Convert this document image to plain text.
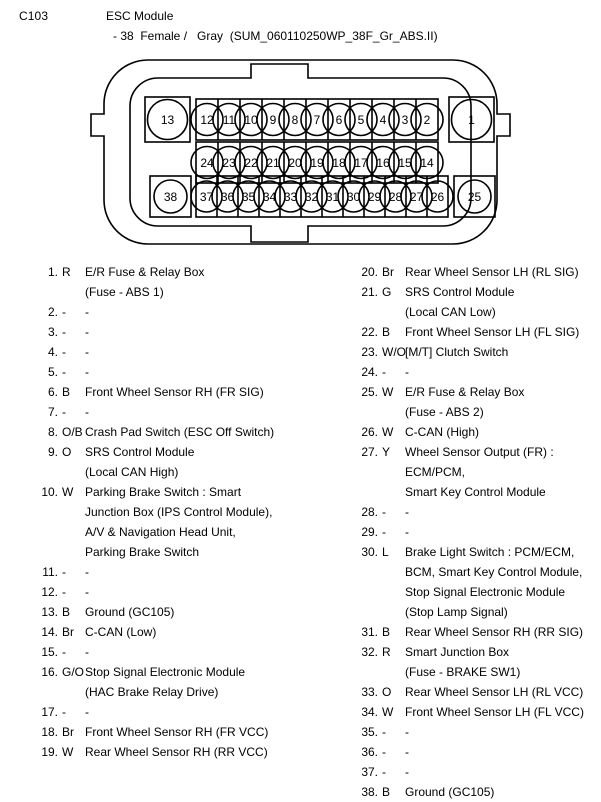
C103	ESC Module
- 38  Female /   Gray  (SUM_060110250WP_38F_Gr_ABS.II)
13 12 11 10 9 8 7 6 5 4 3 2	1
24 23 22 21 20 19 18 17 16 15 14
38 37 36 35 34 33 32 31 30 29 28 27 26 25
1. R E/R Fuse & Relay Box
(Fuse - ABS 1)
2. - -
3. - -
4. - -
5. - -
6. B Front Wheel Sensor RH (FR SIG)
7. - -
8. O/B Crash Pad Switch (ESC Off Switch)
9. O SRS Control Module
(Local CAN High)
10. W Parking Brake Switch : Smart
Junction Box (IPS Control Module),
A/V & Navigation Head Unit,
Parking Brake Switch
11. - -
12. - -
13. B Ground (GC105)
14. Br C-CAN (Low)
15. - -
16. G/O Stop Signal Electronic Module
(HAC Brake Relay Drive)
17. - -
18. Br Front Wheel Sensor RH (FR VCC)
19. W Rear Wheel Sensor RH (RR VCC)
20. Br Rear Wheel Sensor LH (RL SIG)
21. G SRS Control Module
(Local CAN Low)
22. B Front Wheel Sensor LH (FL SIG)
23. W/O [M/T] Clutch Switch
24. - -
25. W E/R Fuse & Relay Box
(Fuse - ABS 2)
26. W C-CAN (High)
27. Y Wheel Sensor Output (FR) :
ECM/PCM,
Smart Key Control Module
28. - -
29. - -
30. L Brake Light Switch : PCM/ECM,
BCM, Smart Key Control Module,
Stop Signal Electronic Module
(Stop Lamp Signal)
31. B Rear Wheel Sensor RH (RR SIG)
32. R Smart Junction Box
(Fuse - BRAKE SW1)
33. O Rear Wheel Sensor LH (RL VCC)
34. W Front Wheel Sensor LH (FL VCC)
35. - -
36. - -
37. - -
38. B Ground (GC105)
